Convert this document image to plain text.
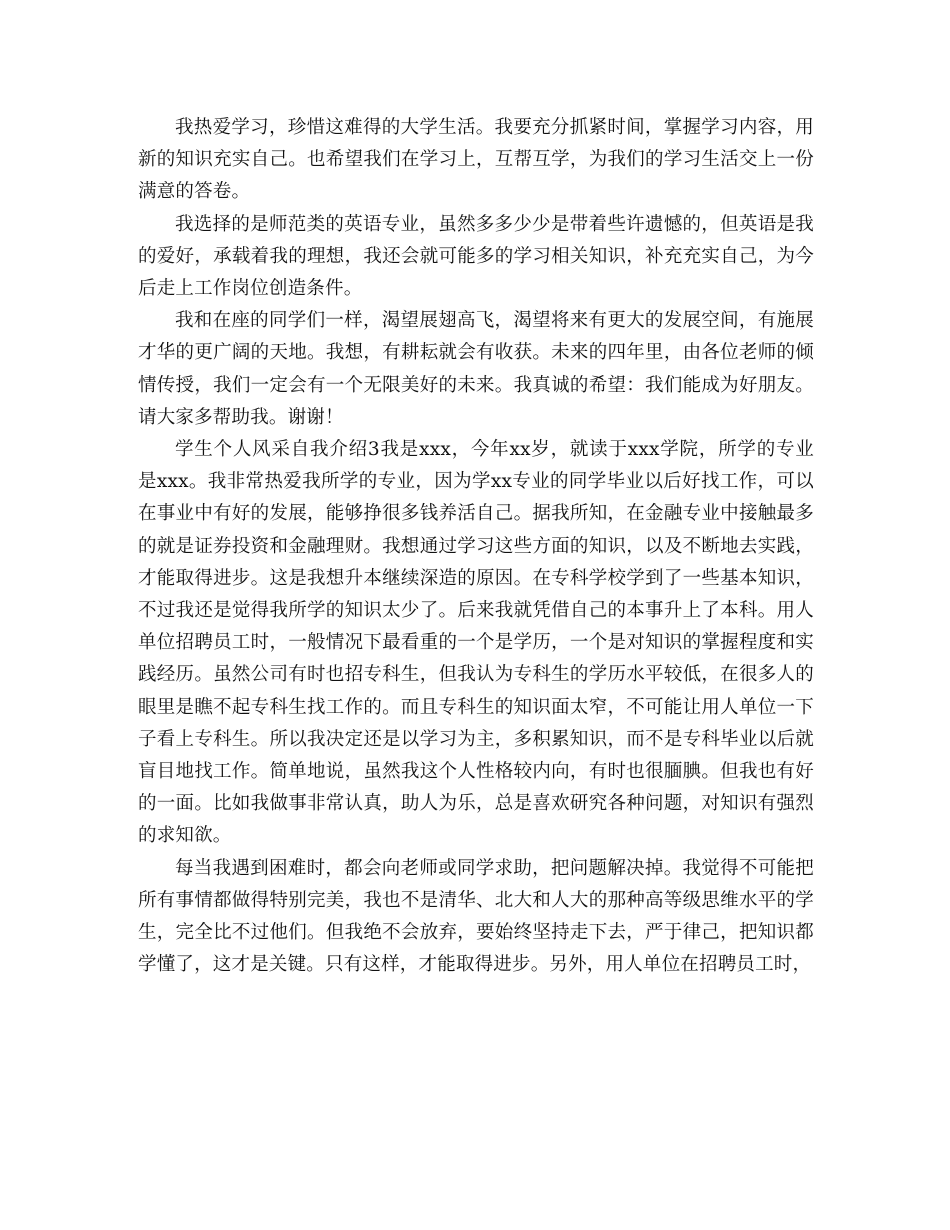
我热爱学习，珍惜这难得的大学生活。我要充分抓紧时间，掌握学习内容，用新的知识充实自己。也希望我们在学习上，互帮互学，为我们的学习生活交上一份满意的答卷。

我选择的是师范类的英语专业，虽然多多少少是带着些许遗憾的，但英语是我的爱好，承载着我的理想，我还会就可能多的学习相关知识，补充充实自己，为今后走上工作岗位创造条件。

我和在座的同学们一样，渴望展翅高飞，渴望将来有更大的发展空间，有施展才华的更广阔的天地。我想，有耕耘就会有收获。未来的四年里，由各位老师的倾情传授，我们一定会有一个无限美好的未来。我真诚的希望：我们能成为好朋友。请大家多帮助我。谢谢！

学生个人风采自我介绍3我是xxx，今年xx岁，就读于xxx学院，所学的专业是xxx。我非常热爱我所学的专业，因为学xx专业的同学毕业以后好找工作，可以在事业中有好的发展，能够挣很多钱养活自己。据我所知，在金融专业中接触最多的就是证券投资和金融理财。我想通过学习这些方面的知识，以及不断地去实践，才能取得进步。这是我想升本继续深造的原因。在专科学校学到了一些基本知识，不过我还是觉得我所学的知识太少了。后来我就凭借自己的本事升上了本科。用人单位招聘员工时，一般情况下最看重的一个是学历，一个是对知识的掌握程度和实践经历。虽然公司有时也招专科生，但我认为专科生的学历水平较低，在很多人的眼里是瞧不起专科生找工作的。而且专科生的知识面太窄，不可能让用人单位一下子看上专科生。所以我决定还是以学习为主，多积累知识，而不是专科毕业以后就盲目地找工作。简单地说，虽然我这个人性格较内向，有时也很腼腆。但我也有好的一面。比如我做事非常认真，助人为乐，总是喜欢研究各种问题，对知识有强烈的求知欲。

每当我遇到困难时，都会向老师或同学求助，把问题解决掉。我觉得不可能把所有事情都做得特别完美，我也不是清华、北大和人大的那种高等级思维水平的学生，完全比不过他们。但我绝不会放弃，要始终坚持走下去，严于律己，把知识都学懂了，这才是关键。只有这样，才能取得进步。另外，用人单位在招聘员工时，
